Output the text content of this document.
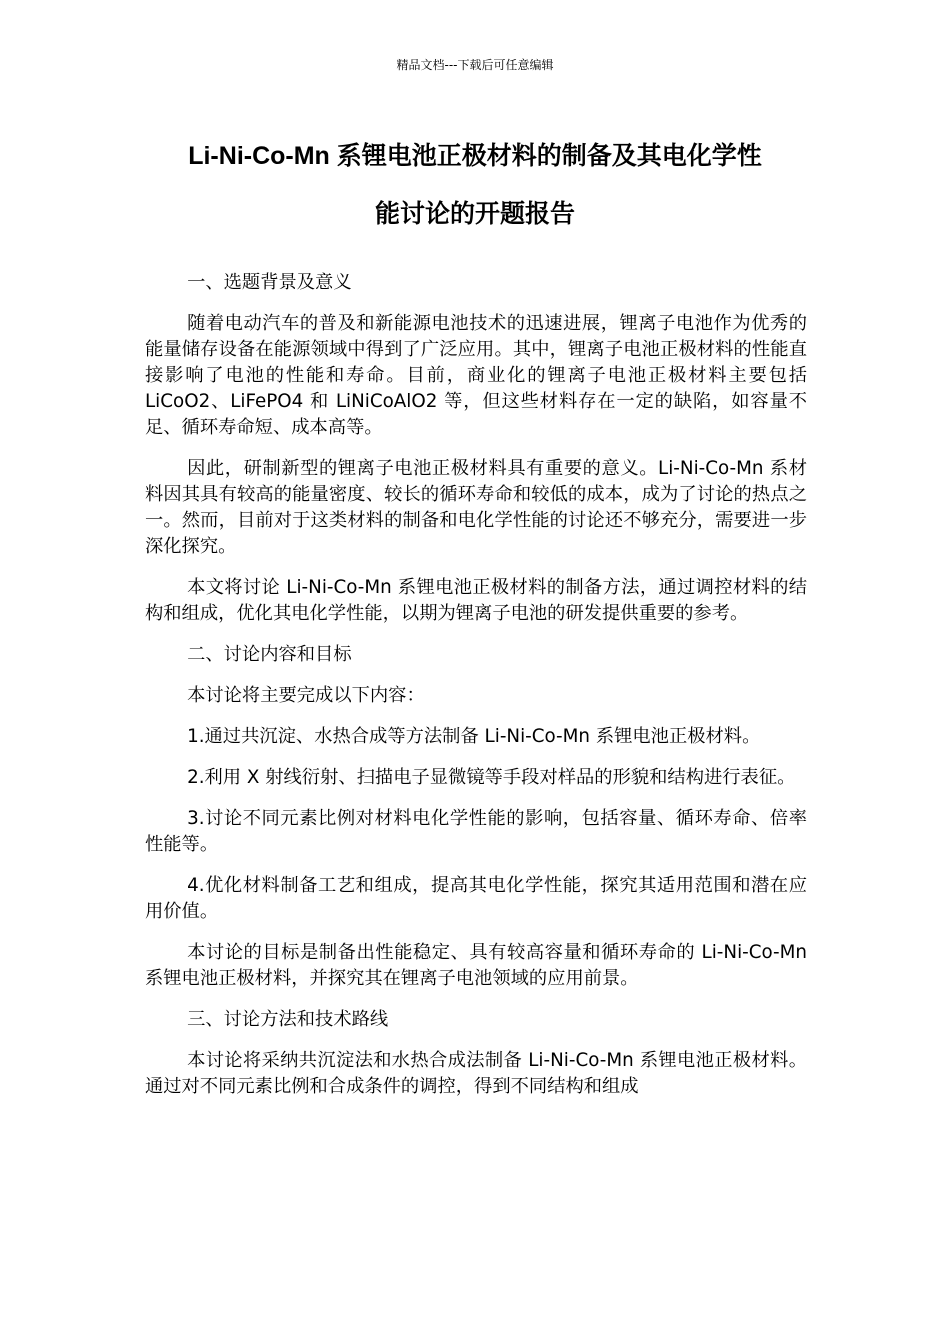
精品文档---下载后可任意编辑
Li-Ni-Co-Mn 系锂电池正极材料的制备及其电化学性
能讨论的开题报告

一、选题背景及意义

随着电动汽车的普及和新能源电池技术的迅速进展，锂离子电池作为优秀的能量储存设备在能源领域中得到了广泛应用。其中，锂离子电池正极材料的性能直接影响了电池的性能和寿命。目前，商业化的锂离子电池正极材料主要包括 LiCoO2、LiFePO4 和 LiNiCoAlO2 等，但这些材料存在一定的缺陷，如容量不足、循环寿命短、成本高等。

因此，研制新型的锂离子电池正极材料具有重要的意义。Li-Ni-Co-Mn 系材料因其具有较高的能量密度、较长的循环寿命和较低的成本，成为了讨论的热点之一。然而，目前对于这类材料的制备和电化学性能的讨论还不够充分，需要进一步深化探究。

本文将讨论 Li-Ni-Co-Mn 系锂电池正极材料的制备方法，通过调控材料的结构和组成，优化其电化学性能，以期为锂离子电池的研发提供重要的参考。

二、讨论内容和目标

本讨论将主要完成以下内容：

1.通过共沉淀、水热合成等方法制备 Li-Ni-Co-Mn 系锂电池正极材料。

2.利用 X 射线衍射、扫描电子显微镜等手段对样品的形貌和结构进行表征。

3.讨论不同元素比例对材料电化学性能的影响，包括容量、循环寿命、倍率性能等。

4.优化材料制备工艺和组成，提高其电化学性能，探究其适用范围和潜在应用价值。

本讨论的目标是制备出性能稳定、具有较高容量和循环寿命的 Li-Ni-Co-Mn 系锂电池正极材料，并探究其在锂离子电池领域的应用前景。

三、讨论方法和技术路线

本讨论将采纳共沉淀法和水热合成法制备 Li-Ni-Co-Mn 系锂电池正极材料。通过对不同元素比例和合成条件的调控，得到不同结构和组成
